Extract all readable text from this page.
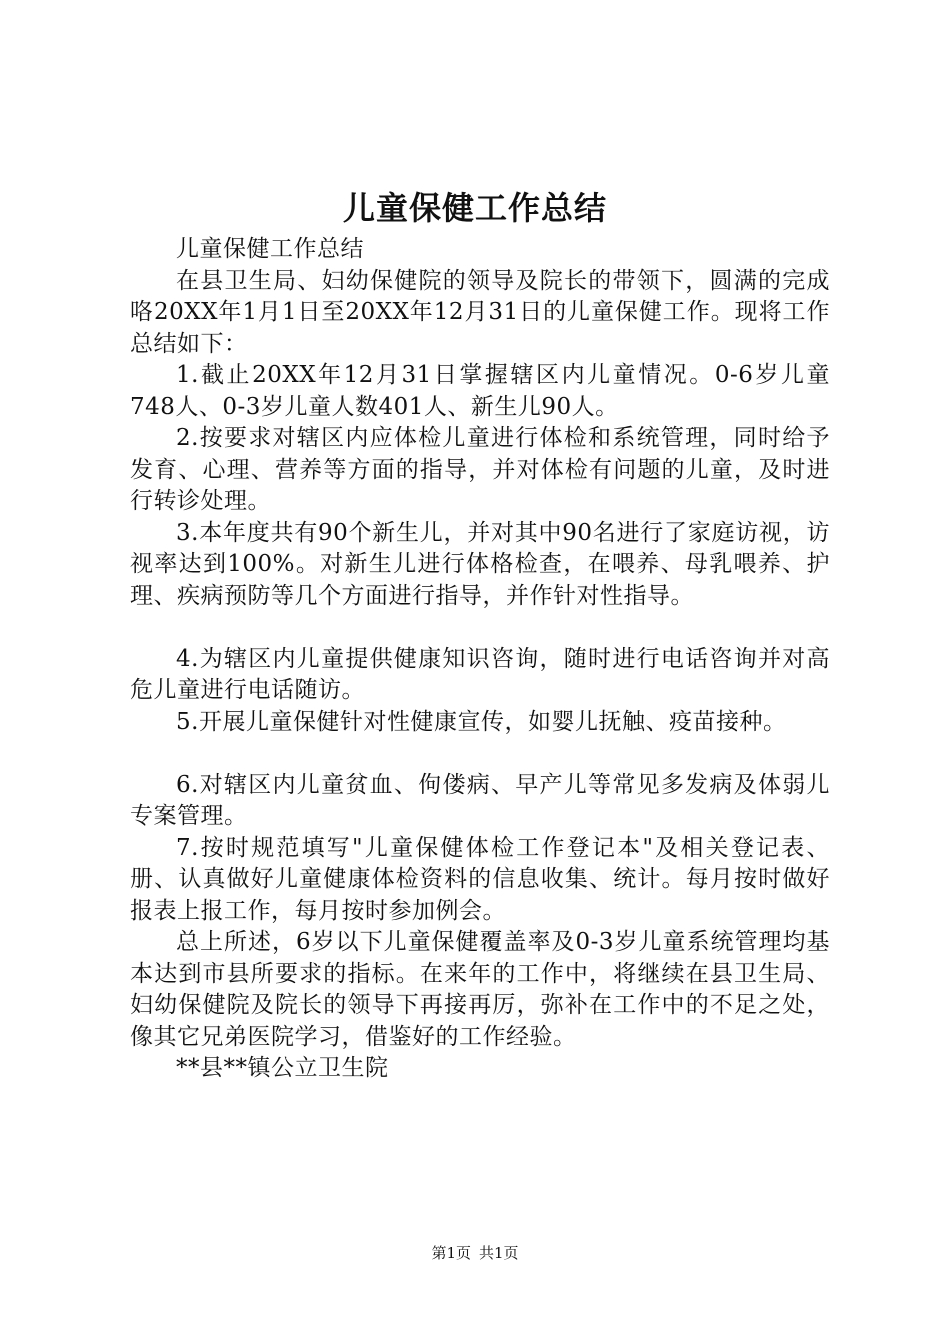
儿童保健工作总结

儿童保健工作总结

在县卫生局、妇幼保健院的领导及院长的带领下，圆满的完成咯20XX年1月1日至20XX年12月31日的儿童保健工作。现将工作总结如下：

1.截止20XX年12月31日掌握辖区内儿童情况。0-6岁儿童748人、0-3岁儿童人数401人、新生儿90人。

2.按要求对辖区内应体检儿童进行体检和系统管理，同时给予发育、心理、营养等方面的指导，并对体检有问题的儿童，及时进行转诊处理。

3.本年度共有90个新生儿，并对其中90名进行了家庭访视，访视率达到100%。对新生儿进行体格检查，在喂养、母乳喂养、护理、疾病预防等几个方面进行指导，并作针对性指导。

4.为辖区内儿童提供健康知识咨询，随时进行电话咨询并对高危儿童进行电话随访。

5.开展儿童保健针对性健康宣传，如婴儿抚触、疫苗接种。

6.对辖区内儿童贫血、佝偻病、早产儿等常见多发病及体弱儿专案管理。

7.按时规范填写"儿童保健体检工作登记本"及相关登记表、册、认真做好儿童健康体检资料的信息收集、统计。每月按时做好报表上报工作，每月按时参加例会。

总上所述，6岁以下儿童保健覆盖率及0-3岁儿童系统管理均基本达到市县所要求的指标。在来年的工作中，将继续在县卫生局、妇幼保健院及院长的领导下再接再厉，弥补在工作中的不足之处，像其它兄弟医院学习，借鉴好的工作经验。

**县**镇公立卫生院

第1页 共1页
